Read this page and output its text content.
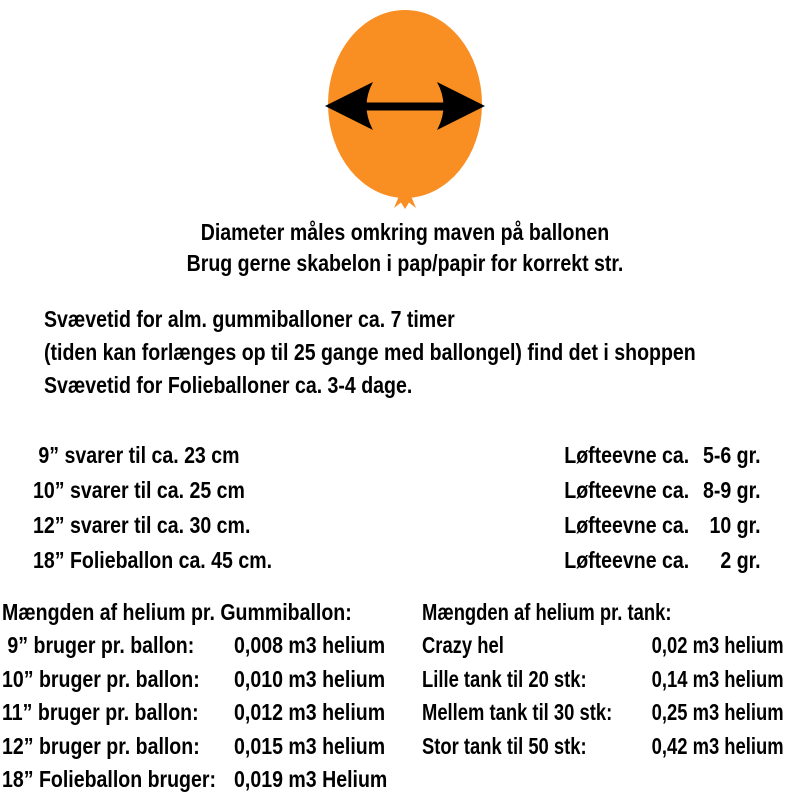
Diameter måles omkring maven på ballonen
Brug gerne skabelon i pap/papir for korrekt str.
Svævetid for alm. gummiballoner ca. 7 timer
(tiden kan forlænges op til 25 gange med ballongel) find det i shoppen
Svævetid for Folieballoner ca. 3-4 dage.
9” svarer til ca. 23 cm	Løfteevne ca. 5-6 gr.
10” svarer til ca. 25 cm	Løfteevne ca. 8-9 gr.
12” svarer til ca. 30 cm.	Løfteevne ca. 10 gr.
18” Folieballon ca. 45 cm.	Løfteevne ca.	2 gr.
Mængden af helium pr. Gummiballon:
9” bruger pr. ballon:	0,008 m3 helium
10” bruger pr. ballon:	0,010 m3 helium
11” bruger pr. ballon:	0,012 m3 helium
12” bruger pr. ballon:	0,015 m3 helium
18” Folieballon bruger: 0,019 m3 Helium
Mængden af helium pr. tank:
Crazy hel	0,02 m3 helium
Lille tank til 20 stk:	0,14 m3 helium
Mellem tank til 30 stk: 0,25 m3 helium
Stor tank til 50 stk:	0,42 m3 helium
